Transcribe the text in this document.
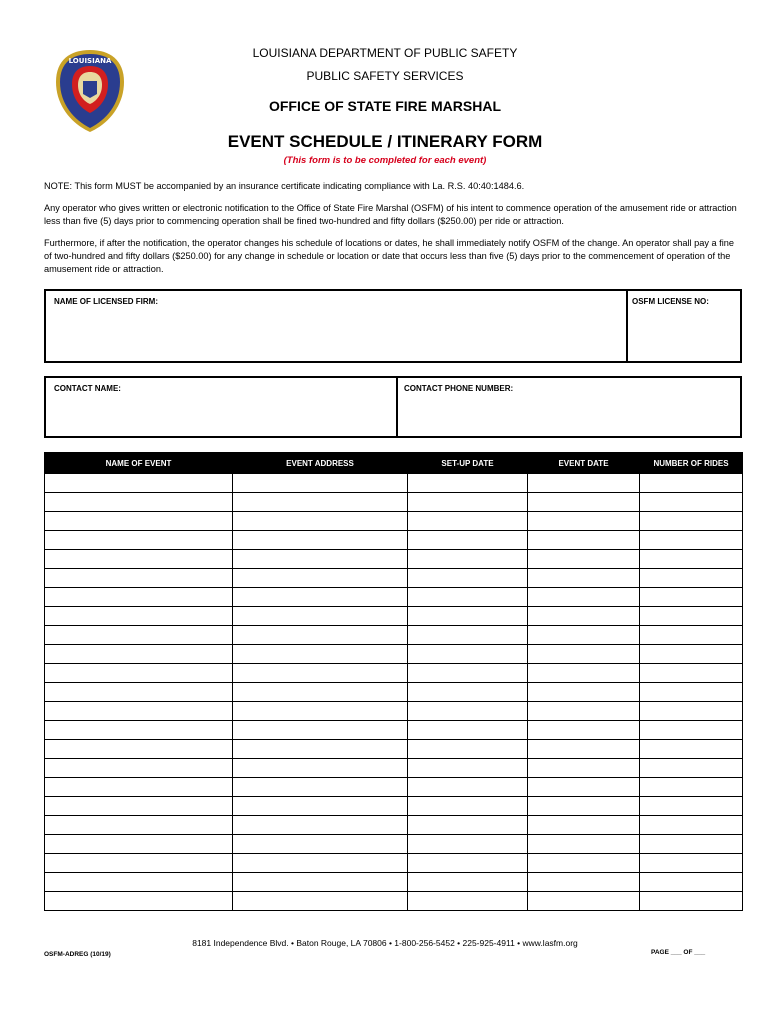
LOUISIANA
LOUISIANA DEPARTMENT OF PUBLIC SAFETY
PUBLIC SAFETY SERVICES
OFFICE OF STATE FIRE MARSHAL
EVENT SCHEDULE / ITINERARY FORM
(This form is to be completed for each event)
NOTE: This form MUST be accompanied by an insurance certificate indicating compliance with La. R.S. 40:40:1484.6.
Any operator who gives written or electronic notification to the Office of State Fire Marshal (OSFM) of his intent to commence operation of the amusement ride or attraction less than five (5) days prior to commencing operation shall be fined two-hundred and fifty dollars ($250.00) per ride or attraction.
Furthermore, if after the notification, the operator changes his schedule of locations or dates, he shall immediately notify OSFM of the change. An operator shall pay a fine of two-hundred and fifty dollars ($250.00) for any change in schedule or location or date that occurs less than five (5) days prior to the commencement of operation of the amusement ride or attraction.
NAME OF LICENSED FIRM:	OSFM LICENSE NO:
CONTACT NAME:	CONTACT PHONE NUMBER:
NAME OF EVENT	EVENT ADDRESS	SET-UP DATE	EVENT DATE	NUMBER OF RIDES

8181 Independence Blvd. • Baton Rouge, LA 70806 • 1-800-256-5452 • 225-925-4911 • www.lasfm.org
OSFM-ADREG (10/19)	PAGE ___ OF ___
